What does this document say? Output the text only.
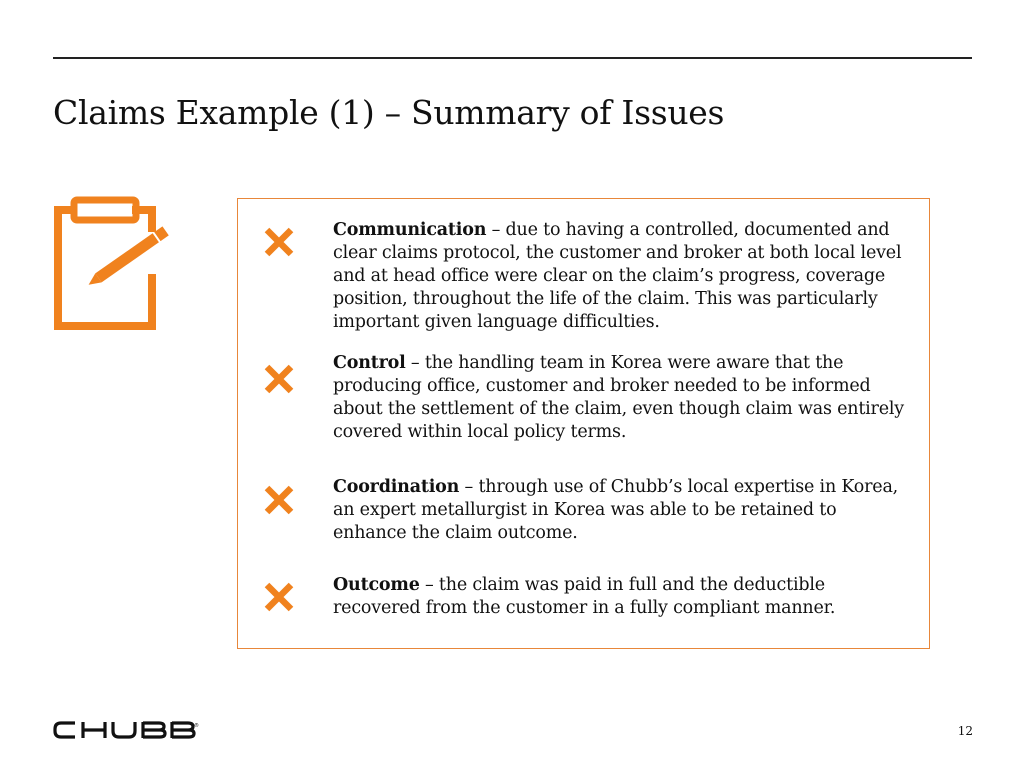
Claims Example (1) – Summary of Issues

Communication – due to having a controlled, documented and clear claims protocol, the customer and broker at both local level and at head office were clear on the claim’s progress, coverage position, throughout the life of the claim. This was particularly important given language difficulties.

Control – the handling team in Korea were aware that the producing office, customer and broker needed to be informed about the settlement of the claim, even though claim was entirely covered within local policy terms.

Coordination – through use of Chubb’s local expertise in Korea, an expert metallurgist in Korea was able to be retained to enhance the claim outcome.

Outcome – the claim was paid in full and the deductible recovered from the customer in a fully compliant manner.

®	12
